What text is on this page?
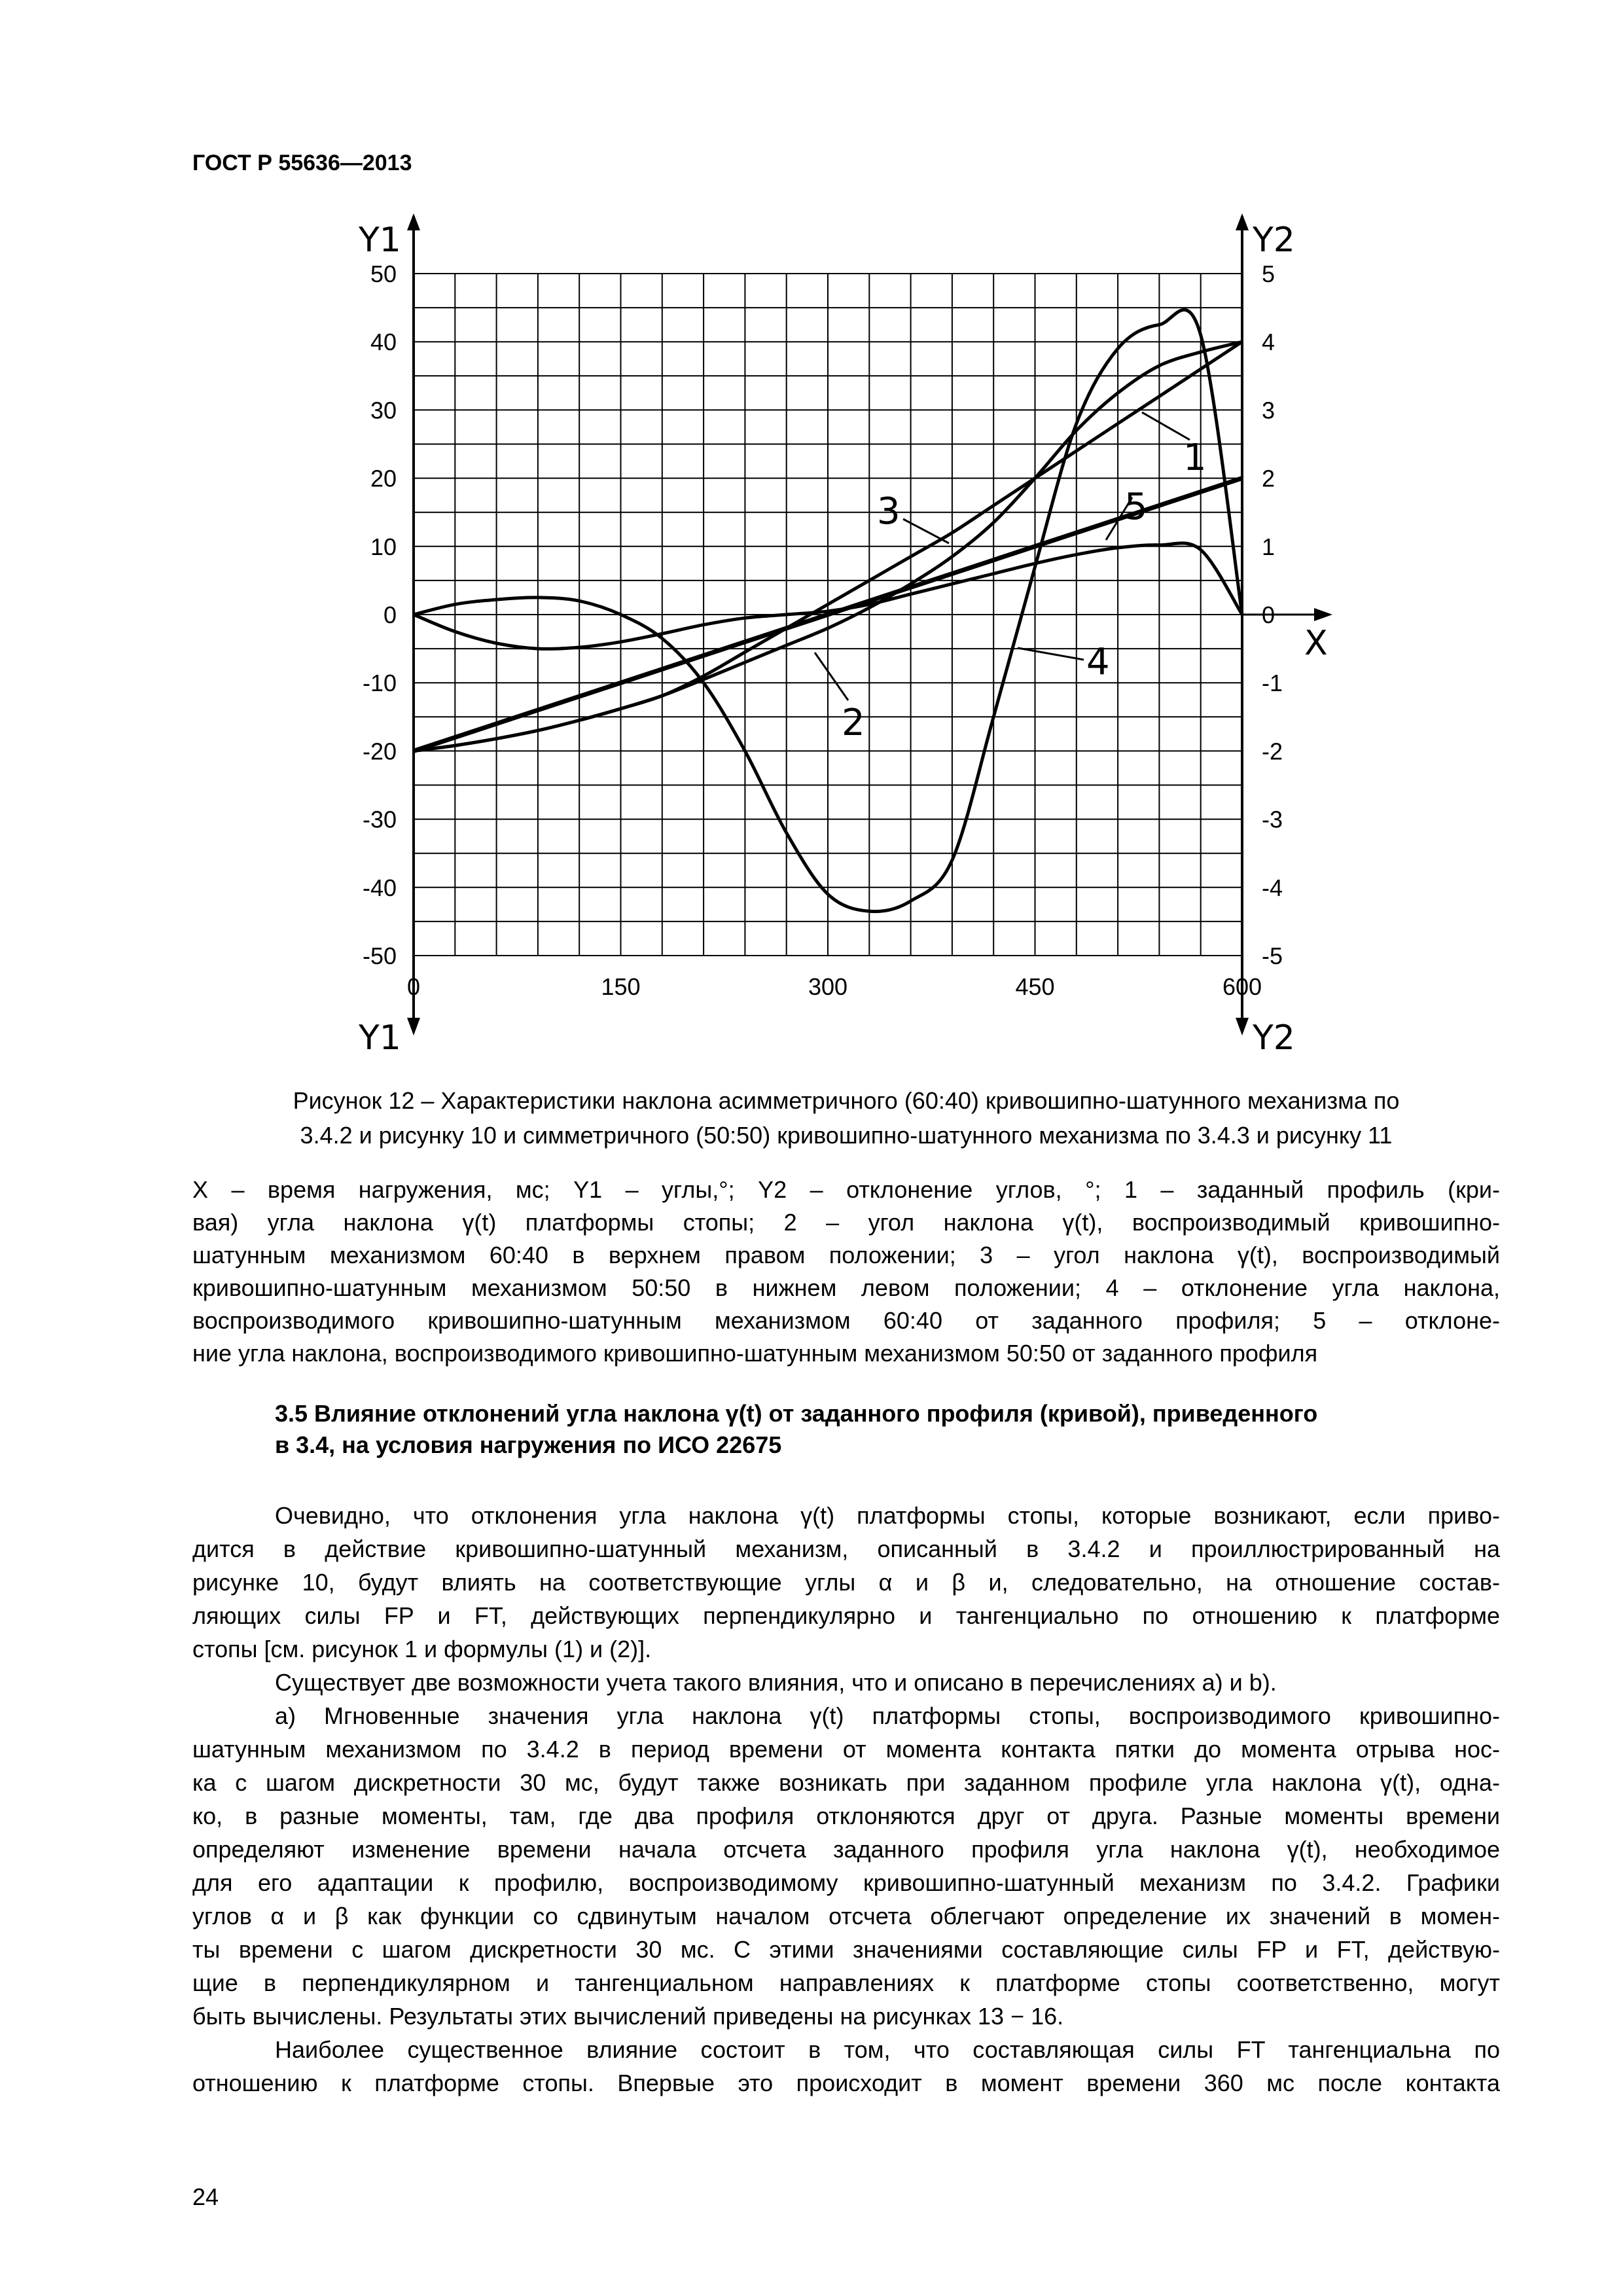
ГОСТ Р 55636—2013

0	150	300	450	600
50
40
30
20
10
0
-10
-20
-30
-40
-50
5
4
3
2
1
0
-1
-2
-3
-4
-5
Y1
Y1
Y2
Y2
X
1
2
3
4
5
Рисунок 12 – Характеристики наклона асимметричного (60:40) кривошипно-шатунного механизма по
3.4.2 и рисунку 10 и симметричного (50:50) кривошипно-шатунного механизма по 3.4.3 и рисунку 11
X – время нагружения, мс; Y1 – углы,°; Y2 – отклонение углов, °; 1 – заданный профиль (кри-
вая) угла наклона γ(t) платформы стопы; 2 – угол наклона γ(t), воспроизводимый кривошипно-
шатунным механизмом 60:40 в верхнем правом положении; 3 – угол наклона γ(t), воспроизводимый
кривошипно-шатунным механизмом 50:50 в нижнем левом положении; 4 – отклонение угла наклона,
воспроизводимого кривошипно-шатунным механизмом 60:40 от заданного профиля; 5 – отклоне-
ние угла наклона, воспроизводимого кривошипно-шатунным механизмом 50:50 от заданного профиля
3.5 Влияние отклонений угла наклона γ(t) от заданного профиля (кривой), приведенного
в 3.4, на условия нагружения по ИСО 22675
Очевидно, что отклонения угла наклона γ(t) платформы стопы, которые возникают, если приво-
дится в действие кривошипно-шатунный механизм, описанный в 3.4.2 и проиллюстрированный на
рисунке 10, будут влиять на соответствующие углы α и β и, следовательно, на отношение состав-
ляющих силы FP и FT, действующих перпендикулярно и тангенциально по отношению к платформе
стопы [см. рисунок 1 и формулы (1) и (2)].
Существует две возможности учета такого влияния, что и описано в перечислениях а) и b).
а) Мгновенные значения угла наклона γ(t) платформы стопы, воспроизводимого кривошипно-
шатунным механизмом по 3.4.2 в период времени от момента контакта пятки до момента отрыва нос-
ка с шагом дискретности 30 мс, будут также возникать при заданном профиле угла наклона γ(t), одна-
ко, в разные моменты, там, где два профиля отклоняются друг от друга. Разные моменты времени
определяют изменение времени начала отсчета заданного профиля угла наклона γ(t), необходимое
для его адаптации к профилю, воспроизводимому кривошипно-шатунный механизм по 3.4.2. Графики
углов α и β как функции со сдвинутым началом отсчета облегчают определение их значений в момен-
ты времени с шагом дискретности 30 мс. С этими значениями составляющие силы FP и FT, действую-
щие в перпендикулярном и тангенциальном направлениях к платформе стопы соответственно, могут
быть вычислены. Результаты этих вычислений приведены на рисунках 13 − 16.
Наиболее существенное влияние состоит в том, что составляющая силы FT тангенциальна по
отношению к платформе стопы. Впервые это происходит в момент времени 360 мс после контакта

24
